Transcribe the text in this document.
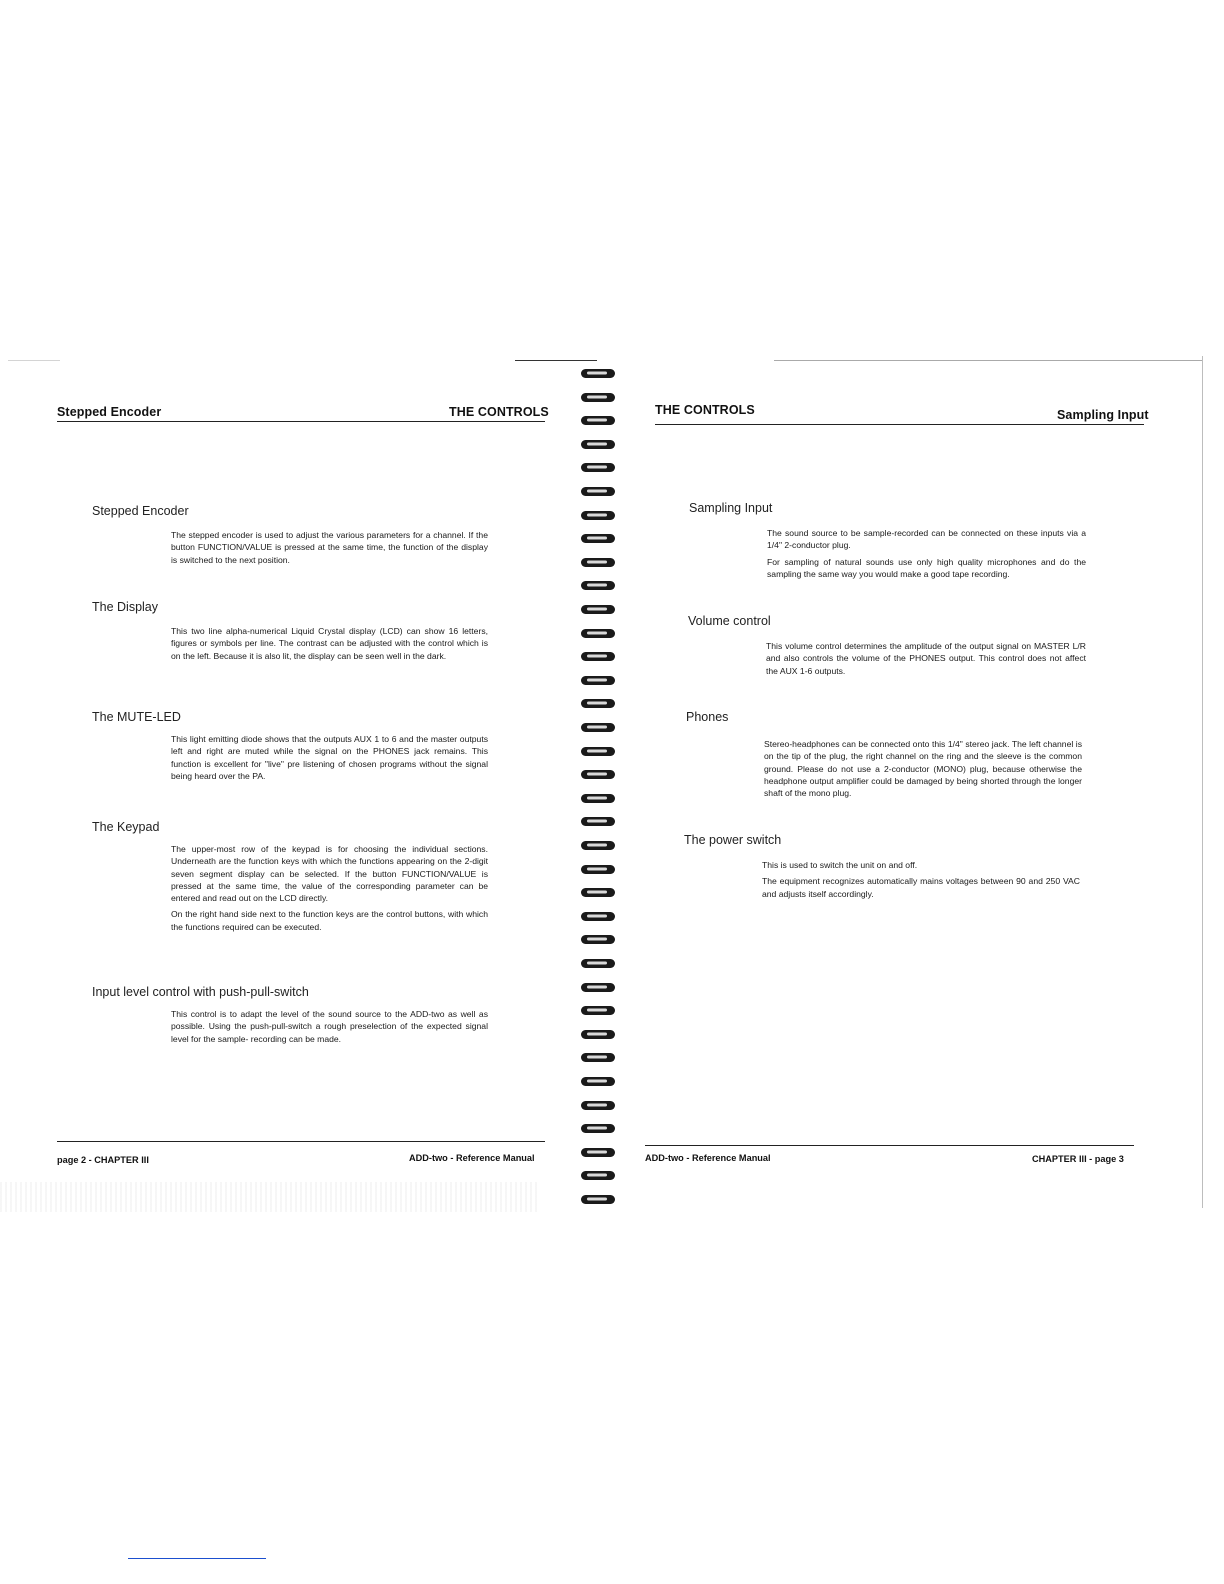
Stepped Encoder	THE CONTROLS
Stepped Encoder

The stepped encoder is used to adjust the various parameters for a channel. If the button FUNCTION/VALUE is pressed at the same time, the function of the display is switched to the next position.

The Display

This two line alpha-numerical Liquid Crystal display (LCD) can show 16 letters, figures or symbols per line. The contrast can be adjusted with the control which is on the left. Because it is also lit, the display can be seen well in the dark.

The MUTE-LED

This light emitting diode shows that the outputs AUX 1 to 6 and the master outputs left and right are muted while the signal on the PHONES jack remains. This function is excellent for "live" pre listening of chosen programs without the signal being heard over the PA.

The Keypad

The upper-most row of the keypad is for choosing the individual sections. Underneath are the function keys with which the functions appearing on the 2-digit seven segment display can be selected. If the button FUNCTION/VALUE is pressed at the same time, the value of the corresponding parameter can be entered and read out on the LCD directly.

On the right hand side next to the function keys are the control buttons, with which the functions required can be executed.

Input level control with push-pull-switch

This control is to adapt the level of the sound source to the ADD-two as well as possible. Using the push-pull-switch a rough preselection of the expected signal level for the sample- recording can be made.

page 2 - CHAPTER III	ADD-two - Reference Manual
THE CONTROLS	Sampling Input
Sampling Input

The sound source to be sample-recorded can be connected on these inputs via a 1/4" 2-conductor plug.

For sampling of natural sounds use only high quality microphones and do the sampling the same way you would make a good tape recording.

Volume control

This volume control determines the amplitude of the output signal on MASTER L/R and also controls the volume of the PHONES output. This control does not affect the AUX 1-6 outputs.

Phones

Stereo-headphones can be connected onto this 1/4" stereo jack. The left channel is on the tip of the plug, the right channel on the ring and the sleeve is the common ground. Please do not use a 2-conductor (MONO) plug, because otherwise the headphone output amplifier could be damaged by being shorted through the longer shaft of the mono plug.

The power switch

This is used to switch the unit on and off.

The equipment recognizes automatically mains voltages between 90 and 250 VAC and adjusts itself accordingly.

ADD-two - Reference Manual	CHAPTER III - page 3
